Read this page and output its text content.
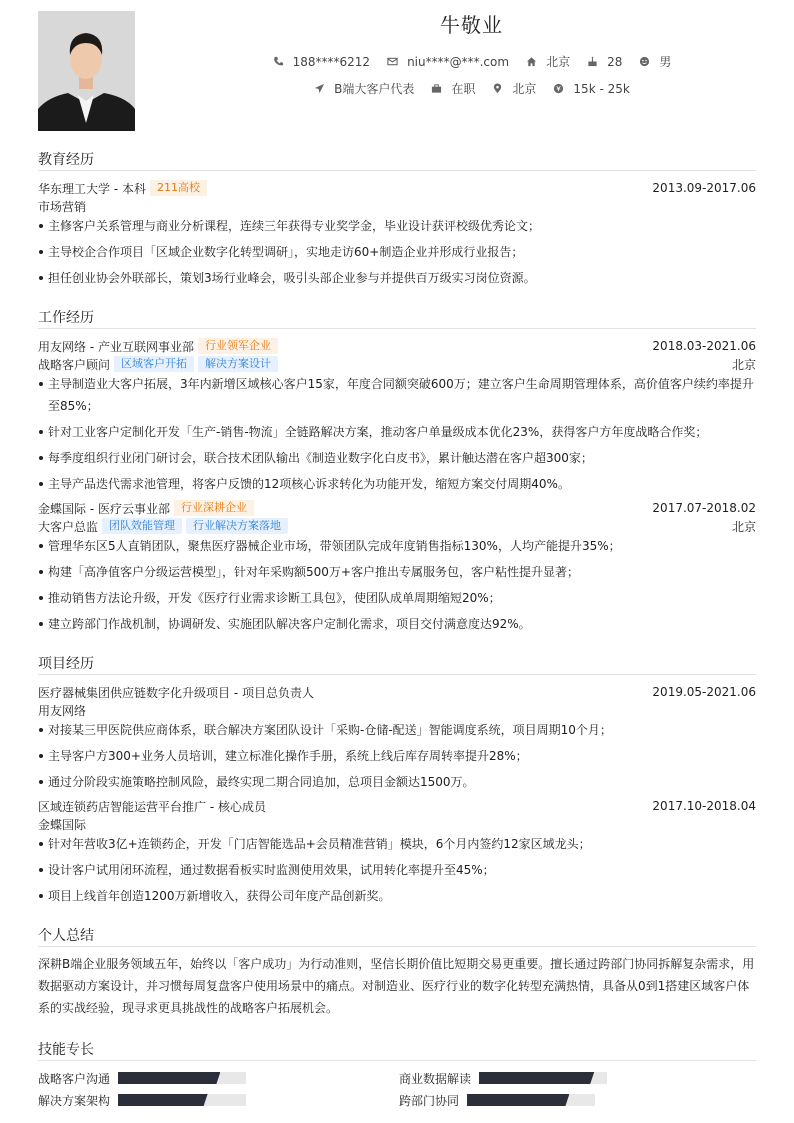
牛敬业
188****6212	niu****@***.com	北京	28	男
B端大客户代表	在职	北京	15k - 25k
教育经历
华东理工大学 - 本科	211高校	2013.09-2017.06
市场营销
主修客户关系管理与商业分析课程，连续三年获得专业奖学金，毕业设计获评校级优秀论文；
主导校企合作项目「区域企业数字化转型调研」，实地走访60+制造企业并形成行业报告；
担任创业协会外联部长，策划3场行业峰会，吸引头部企业参与并提供百万级实习岗位资源。
工作经历
用友网络 - 产业互联网事业部	行业领军企业	2018.03-2021.06
战略客户顾问	区域客户开拓	解决方案设计	北京
主导制造业大客户拓展，3年内新增区域核心客户15家，年度合同额突破600万；建立客户生命周期管理体系，高价值客户续约率提升至85%；
针对工业客户定制化开发「生产-销售-物流」全链路解决方案，推动客户单量级成本优化23%，获得客户方年度战略合作奖；
每季度组织行业闭门研讨会，联合技术团队输出《制造业数字化白皮书》，累计触达潜在客户超300家；
主导产品迭代需求池管理，将客户反馈的12项核心诉求转化为功能开发，缩短方案交付周期40%。
金蝶国际 - 医疗云事业部	行业深耕企业	2017.07-2018.02
大客户总监	团队效能管理	行业解决方案落地	北京
管理华东区5人直销团队，聚焦医疗器械企业市场，带领团队完成年度销售指标130%，人均产能提升35%；
构建「高净值客户分级运营模型」，针对年采购额500万+客户推出专属服务包，客户粘性提升显著；
推动销售方法论升级，开发《医疗行业需求诊断工具包》，使团队成单周期缩短20%；
建立跨部门作战机制，协调研发、实施团队解决客户定制化需求，项目交付满意度达92%。
项目经历
医疗器械集团供应链数字化升级项目 - 项目总负责人	2019.05-2021.06
用友网络
对接某三甲医院供应商体系，联合解决方案团队设计「采购-仓储-配送」智能调度系统，项目周期10个月；
主导客户方300+业务人员培训，建立标准化操作手册，系统上线后库存周转率提升28%；
通过分阶段实施策略控制风险，最终实现二期合同追加，总项目金额达1500万。
区域连锁药店智能运营平台推广 - 核心成员	2017.10-2018.04
金蝶国际
针对年营收3亿+连锁药企，开发「门店智能选品+会员精准营销」模块，6个月内签约12家区域龙头；
设计客户试用闭环流程，通过数据看板实时监测使用效果，试用转化率提升至45%；
项目上线首年创造1200万新增收入，获得公司年度产品创新奖。
个人总结
深耕B端企业服务领域五年，始终以「客户成功」为行动准则，坚信长期价值比短期交易更重要。擅长通过跨部门协同拆解复杂需求，用数据驱动方案设计，并习惯每周复盘客户使用场景中的痛点。对制造业、医疗行业的数字化转型充满热情，具备从0到1搭建区域客户体系的实战经验，现寻求更具挑战性的战略客户拓展机会。
技能专长
战略客户沟通	商业数据解读
解决方案架构	跨部门协同
